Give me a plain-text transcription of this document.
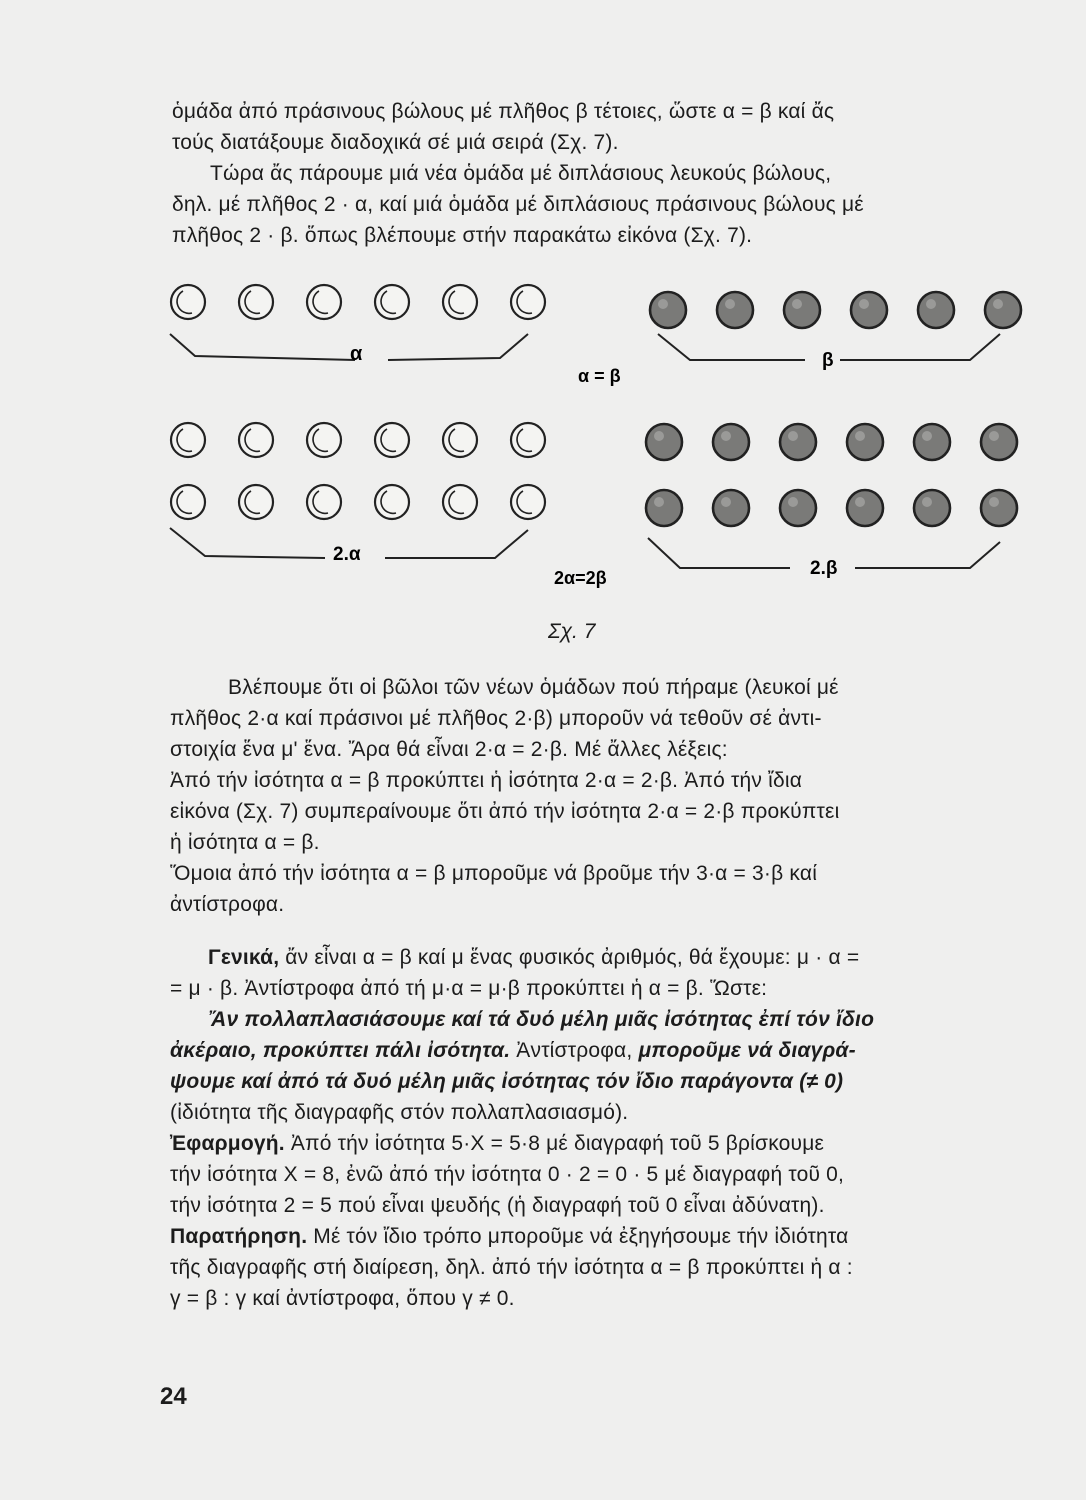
ὁμάδα ἀπό πράσινους βώλους μέ πλῆθος β τέτοιες, ὥστε α = β καί ἄς
τούς διατάξουμε διαδοχικά σέ μιά σειρά (Σχ. 7).
Τώρα ἄς πάρουμε μιά νέα ὁμάδα μέ διπλάσιους λευκούς βώλους,
δηλ. μέ πλῆθος 2 · α, καί μιά ὁμάδα μέ διπλάσιους πράσινους βώλους μέ
πλῆθος 2 · β. ὅπως βλέπουμε στήν παρακάτω εἰκόνα (Σχ. 7).
α	β
α = β
2.α
2.β
2α=2β
Σχ. 7
Βλέπουμε ὅτι οἱ βῶλοι τῶν νέων ὁμάδων πού πήραμε (λευκοί μέ
πλῆθος 2·α καί πράσινοι μέ πλῆθος 2·β) μποροῦν νά τεθοῦν σέ ἀντι-
στοιχία ἕνα μ' ἕνα. Ἄρα θά εἶναι 2·α = 2·β. Μέ ἄλλες λέξεις:
Ἀπό τήν ἰσότητα α = β προκύπτει ἡ ἰσότητα 2·α = 2·β. Ἀπό τήν ἴδια
εἰκόνα (Σχ. 7) συμπεραίνουμε ὅτι ἀπό τήν ἰσότητα 2·α = 2·β προκύπτει
ἡ ἰσότητα α = β.
Ὅμοια ἀπό τήν ἰσότητα α = β μποροῦμε νά βροῦμε τήν 3·α = 3·β καί
ἀντίστροφα.
Γενικά, ἄν εἶναι α = β καί μ ἕνας φυσικός ἀριθμός, θά ἔχουμε: μ · α =
= μ · β. Ἀντίστροφα ἀπό τή μ·α = μ·β προκύπτει ἡ α = β. Ὥστε:
Ἄν πολλαπλασιάσουμε καί τά δυό μέλη μιᾶς ἰσότητας ἐπί τόν ἴδιο
ἀκέραιο, προκύπτει πάλι ἰσότητα. Ἀντίστροφα, μποροῦμε νά διαγρά-
ψουμε καί ἀπό τά δυό μέλη μιᾶς ἰσότητας τόν ἴδιο παράγοντα (≠ 0)
(ἰδιότητα τῆς διαγραφῆς στόν πολλαπλασιασμό).
Ἐφαρμογή. Ἀπό τήν ἰσότητα 5·Χ = 5·8 μέ διαγραφή τοῦ 5 βρίσκουμε
τήν ἰσότητα Χ = 8, ἐνῶ ἀπό τήν ἰσότητα 0 · 2 = 0 · 5 μέ διαγραφή τοῦ 0,
τήν ἰσότητα 2 = 5 πού εἶναι ψευδής (ἡ διαγραφή τοῦ 0 εἶναι ἀδύνατη).
Παρατήρηση. Μέ τόν ἴδιο τρόπο μποροῦμε νά ἐξηγήσουμε τήν ἰδιότητα
τῆς διαγραφῆς στή διαίρεση, δηλ. ἀπό τήν ἰσότητα α = β προκύπτει ἡ α :
γ = β : γ καί ἀντίστροφα, ὅπου γ ≠ 0.
24
